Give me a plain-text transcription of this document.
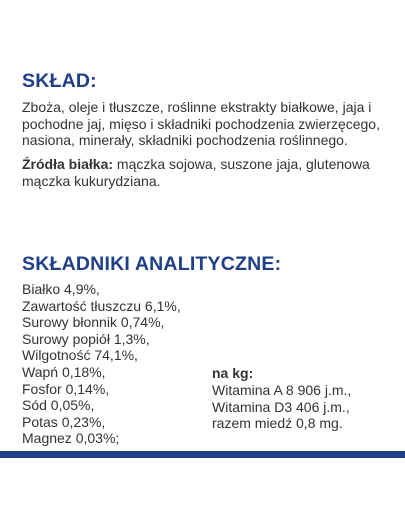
SKŁAD:

Zboża, oleje i tłuszcze, roślinne ekstrakty białkowe, jaja i pochodne jaj, mięso i składniki pochodzenia zwierzęcego, nasiona, minerały, składniki pochodzenia roślinnego.

Źródła białka: mączka sojowa, suszone jaja, glutenowa mączka kukurydziana.

SKŁADNIKI ANALITYCZNE:
Białko 4,9%,
Zawartość tłuszczu 6,1%,
Surowy błonnik 0,74%,
Surowy popiół 1,3%,
Wilgotność 74,1%,
Wapń 0,18%,
Fosfor 0,14%,
Sód 0,05%,
Potas 0,23%,
Magnez 0,03%;
na kg:
Witamina A 8 906 j.m.,
Witamina D3 406 j.m.,
razem miedź 0,8 mg.
